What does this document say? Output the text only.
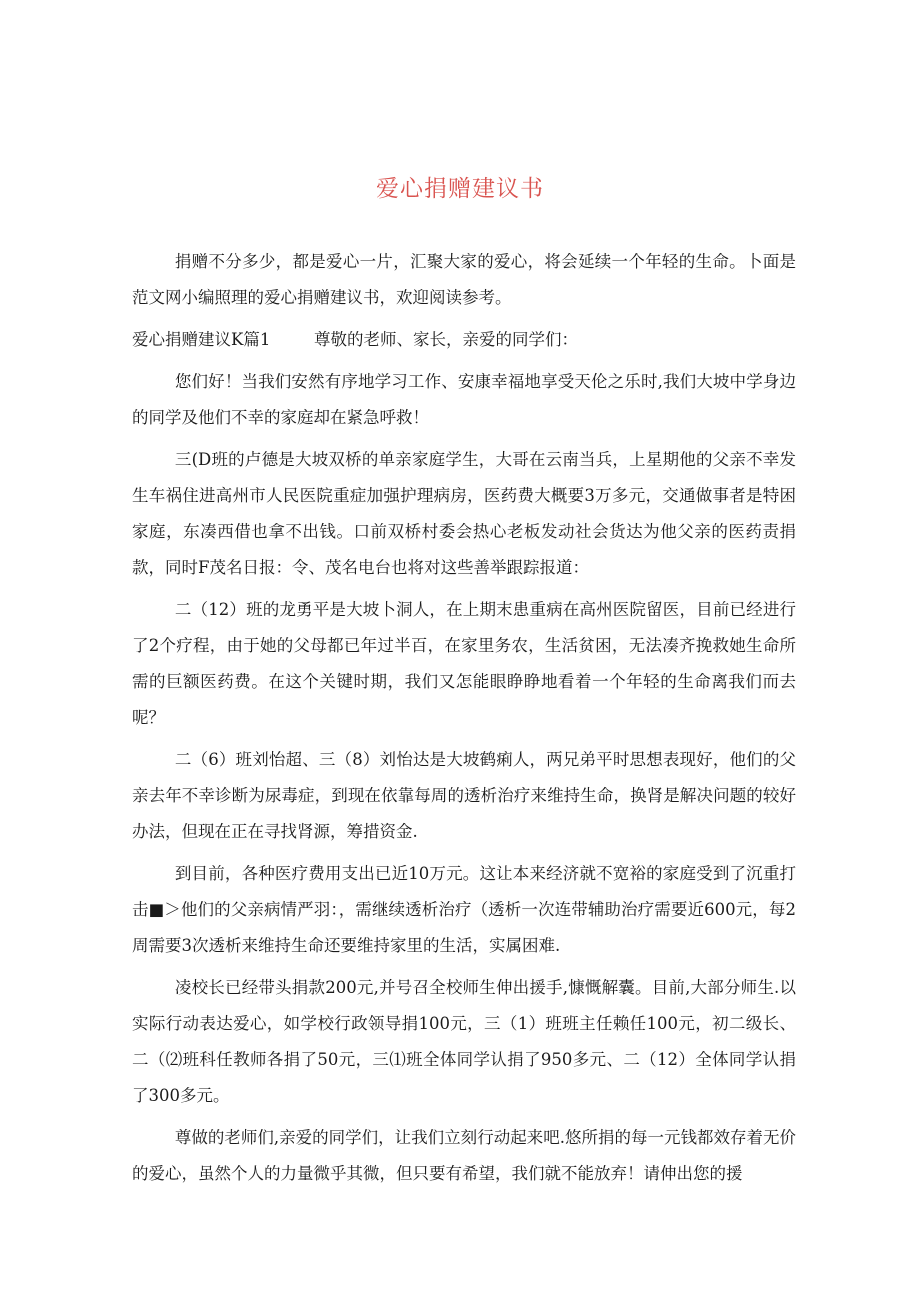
爱心捐赠建议书

捐赠不分多少，都是爱心一片，汇聚大家的爱心，将会延续一个年轻的生命。卜面是范文网小编照理的爱心捐赠建议书，欢迎阅读参考。

爱心捐赠建议K篇1	尊敬的老师、家长，亲爱的同学们：

您们好！当我们安然有序地学习工作、安康幸福地享受天伦之乐时,我们大坡中学身边的同学及他们不幸的家庭却在紧急呼救！

三(D班的卢德是大坡双桥的单亲家庭学生，大哥在云南当兵，上星期他的父亲不幸发生车祸住进高州市人民医院重症加强护理病房，医药费大概要3万多元，交通做事者是特困家庭，东凑西借也拿不出钱。口前双桥村委会热心老板发动社会货达为他父亲的医药责捐款，同时F茂名日报：令、茂名电台也将对这些善举跟踪报道：

二（12）班的龙勇平是大坡卜洞人，在上期末患重病在高州医院留医，目前已经进行了2个疗程，由于她的父母都已年过半百，在家里务农，生活贫困，无法凑齐挽救她生命所需的巨额医药费。在这个关键时期，我们又怎能眼睁睁地看着一个年轻的生命离我们而去呢？

二（6）班刘怡超、三（8）刘怡达是大坡鹤痢人，两兄弟平时思想表现好，他们的父亲去年不幸诊断为尿毒症，到现在依靠每周的透析治疗来维持生命，换肾是解决问题的较好办法，但现在正在寻找肾源，筹措资金.

到目前，各种医疗费用支出已近10万元。这让本来经济就不宽裕的家庭受到了沉重打击■＞他们的父亲病情严羽：，需继续透析治疗（透析一次连带辅助治疗需要近600元，每2周需要3次透析来维持生命还要维持家里的生活，实属困难.

凌校长已经带头捐款200元,并号召全校师生伸出援手,慷慨解囊。目前,大部分师生.以实际行动表达爱心，如学校行政领导捐100元，三（1）班班主任赖任100元，初二级长、二（⑵班科任教师各捐了50元，三⑴班全体同学认捐了950多元、二（12）全体同学认捐了300多元。

尊做的老师们,亲爱的同学们，让我们立刻行动起来吧.悠所捐的每一元钱都效存着无价的爱心，虽然个人的力量微乎其微，但只要有希望，我们就不能放弃！请伸出您的援
